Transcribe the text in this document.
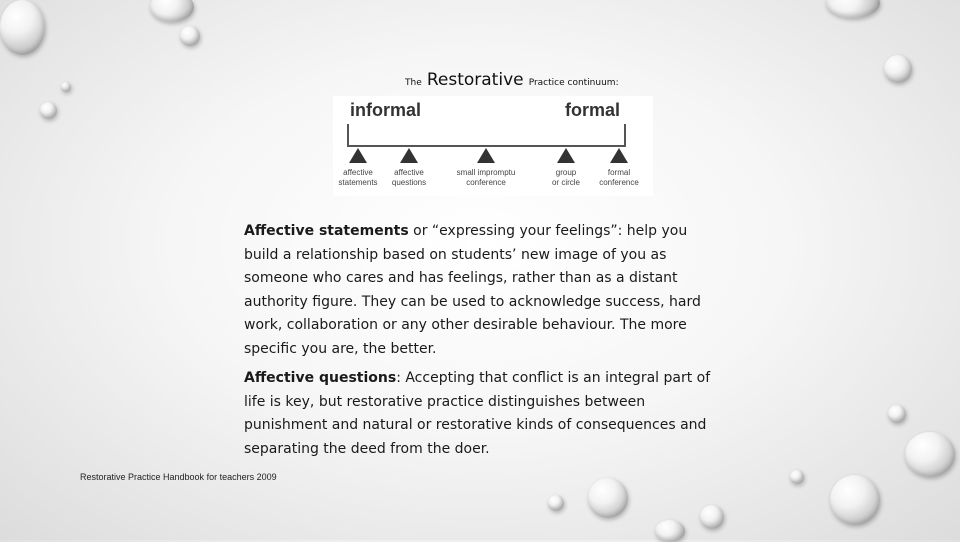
The Restorative Practice continuum:
informal	formal
affective
statements
affective
questions
small impromptu
conference
group
or circle
formal
conference
Affective statements or “expressing your feelings”: help you build a relationship based on students’ new image of you as someone who cares and has feelings, rather than as a distant authority figure. They can be used to acknowledge success, hard work, collaboration or any other desirable behaviour. The more specific you are, the better.
Affective questions: Accepting that conflict is an integral part of life is key, but restorative practice distinguishes between punishment and natural or restorative kinds of consequences and separating the deed from the doer.
Restorative Practice Handbook for teachers 2009
